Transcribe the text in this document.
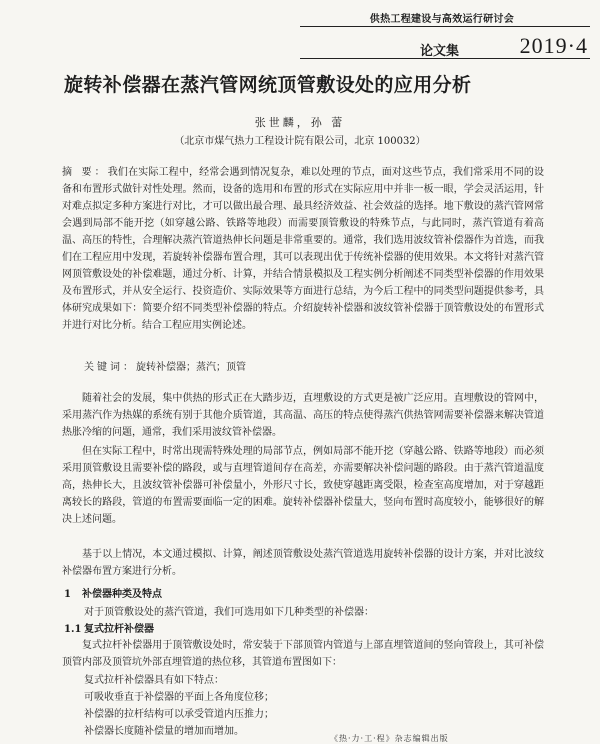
供热工程建设与高效运行研讨会
论文集	2019·4
旋转补偿器在蒸汽管网统顶管敷设处的应用分析
张世麟，孙 蕾
（北京市煤气热力工程设计院有限公司，北京 100032）
摘 要：我们在实际工程中，经常会遇到情况复杂，难以处理的节点，面对这些节点，我们常采用不同的设备和布置形式做针对性处理。然而，设备的选用和布置的形式在实际应用中并非一板一眼，学会灵活运用，针对难点拟定多种方案进行对比，才可以做出最合理、最具经济效益、社会效益的选择。地下敷设的蒸汽管网常会遇到局部不能开挖（如穿越公路、铁路等地段）而需要顶管敷设的特殊节点，与此同时，蒸汽管道有着高温、高压的特性，合理解决蒸汽管道热伸长问题是非常重要的。通常，我们选用波纹管补偿器作为首选，而我们在工程应用中发现，若旋转补偿器布置合理，其可以表现出优于传统补偿器的使用效果。本文将针对蒸汽管网顶管敷设处的补偿难题，通过分析、计算，并结合情景模拟及工程实例分析阐述不同类型补偿器的作用效果及布置形式，并从安全运行、投资造价、实际效果等方面进行总结，为今后工程中的同类型问题提供参考，具体研究成果如下：简要介绍不同类型补偿器的特点。介绍旋转补偿器和波纹管补偿器于顶管敷设处的布置形式并进行对比分析。结合工程应用实例论述。
关键词：旋转补偿器；蒸汽；顶管
随着社会的发展，集中供热的形式正在大踏步迈，直埋敷设的方式更是被广泛应用。直埋敷设的管网中，采用蒸汽作为热媒的系统有别于其他介质管道，其高温、高压的特点使得蒸汽供热管网需要补偿器来解决管道热胀冷缩的问题，通常，我们采用波纹管补偿器。
但在实际工程中，时常出现需特殊处理的局部节点，例如局部不能开挖（穿越公路、铁路等地段）而必须采用顶管敷设且需要补偿的路段，或与直埋管道间存在高差，亦需要解决补偿问题的路段。由于蒸汽管道温度高，热伸长大，且波纹管补偿器可补偿量小，外形尺寸长，致使穿越距离受限，检查室高度增加，对于穿越距离较长的路段，管道的布置需要面临一定的困难。旋转补偿器补偿量大，竖向布置时高度较小，能够很好的解决上述问题。
基于以上情况，本文通过模拟、计算，阐述顶管敷设处蒸汽管道选用旋转补偿器的设计方案，并对比波纹补偿器布置方案进行分析。
1 补偿器种类及特点
对于顶管敷设处的蒸汽管道，我们可选用如下几种类型的补偿器：
1.1 复式拉杆补偿器
复式拉杆补偿器用于顶管敷设处时，常安装于下部顶管内管道与上部直埋管道间的竖向管段上，其可补偿顶管内部及顶管坑外部直埋管道的热位移，其管道布置图如下：
复式拉杆补偿器具有如下特点：
可吸收垂直于补偿器的平面上各角度位移；
补偿器的拉杆结构可以承受管道内压推力；
补偿器长度随补偿量的增加而增加。
《热·力·工·程》杂志编辑出版
